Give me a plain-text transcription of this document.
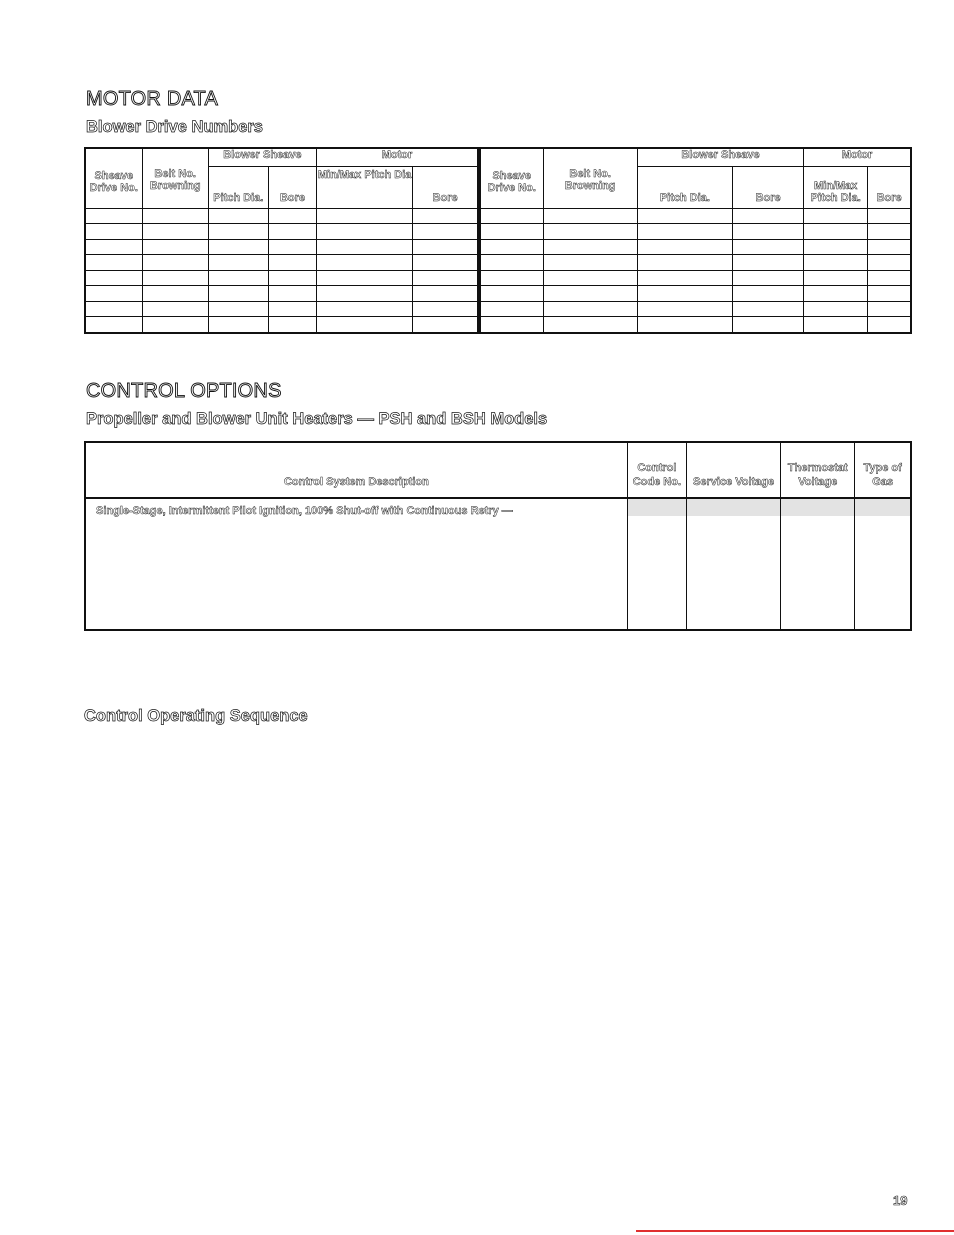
MOTOR DATA
Blower Drive Numbers
Sheave Drive No.	Belt No. Browning	Blower Sheave		Motor		Sheave Drive No.	Belt No. Browning	Blower Sheave		Motor	
		Pitch Dia.	Bore	Min/Max Pitch Dia	Bore			Pitch Dia.	Bore	Min/Max Pitch Dia.	Bore

CONTROL OPTIONS
Propeller and Blower Unit Heaters — PSH and BSH Models
Control System Description	Control Code No.	Service Voltage	Thermostat Voltage	Type of Gas
Single-Stage, Intermittent Pilot Ignition, 100% Shut-off with Continuous Retry —	

Control Operating Sequence
19
